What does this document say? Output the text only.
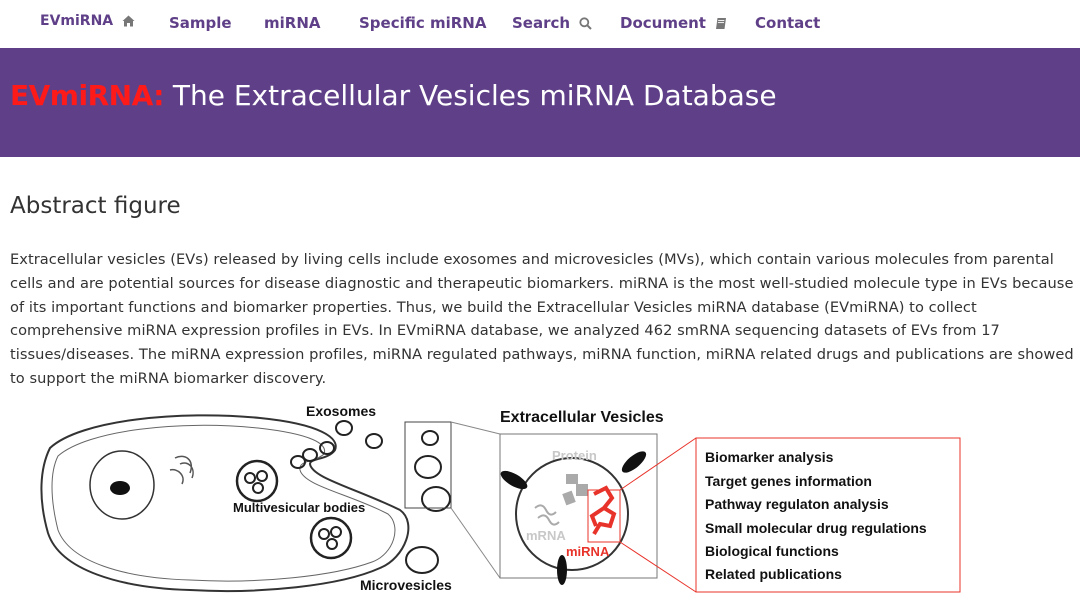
EVmiRNA	Sample miRNA	Specific miRNA Search	Document	Contact
EVmiRNA: The Extracellular Vesicles miRNA Database
Abstract figure
Extracellular vesicles (EVs) released by living cells include exosomes and microvesicles (MVs), which contain various molecules from parental cells and are potential sources for disease diagnostic and therapeutic biomarkers. miRNA is the most well-studied molecule type in EVs because of its important functions and biomarker properties. Thus, we build the Extracellular Vesicles miRNA database (EVmiRNA) to collect comprehensive miRNA expression profiles in EVs. In EVmiRNA database, we analyzed 462 smRNA sequencing datasets of EVs from 17 tissues/diseases. The miRNA expression profiles, miRNA regulated pathways, miRNA function, miRNA related drugs and publications are showed to support the miRNA biomarker discovery.
Exosomes
Multivesicular bodies
Microvesicles
Extracellular Vesicles
Protein
mRNA
miRNA
Biomarker analysis
Target genes information
Pathway regulaton analysis
Small molecular drug regulations
Biological functions
Related publications
